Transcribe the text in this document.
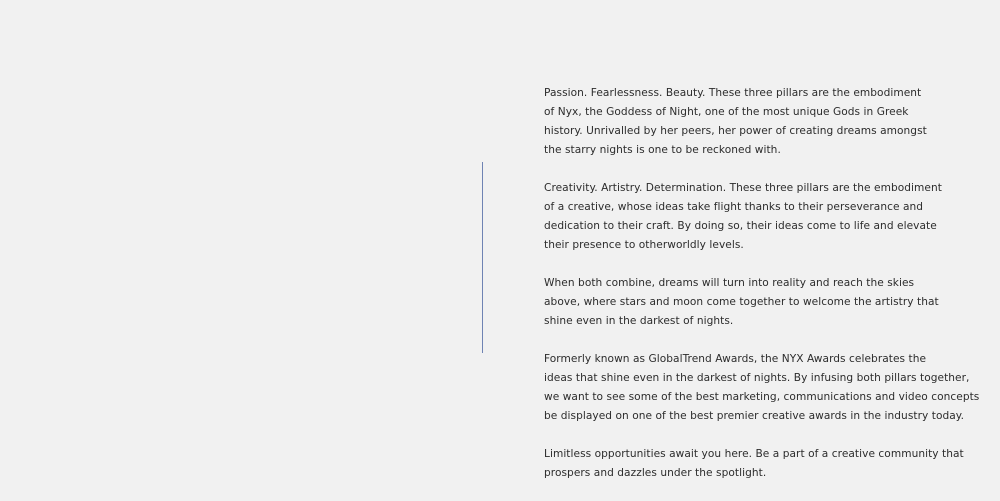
Passion. Fearlessness. Beauty. These three pillars are the embodiment
of Nyx, the Goddess of Night, one of the most unique Gods in Greek
history. Unrivalled by her peers, her power of creating dreams amongst
the starry nights is one to be reckoned with.

Creativity. Artistry. Determination. These three pillars are the embodiment
of a creative, whose ideas take flight thanks to their perseverance and
dedication to their craft. By doing so, their ideas come to life and elevate
their presence to otherworldly levels.

When both combine, dreams will turn into reality and reach the skies
above, where stars and moon come together to welcome the artistry that
shine even in the darkest of nights.

Formerly known as GlobalTrend Awards, the NYX Awards celebrates the
ideas that shine even in the darkest of nights. By infusing both pillars together,
we want to see some of the best marketing, communications and video concepts
be displayed on one of the best premier creative awards in the industry today.

Limitless opportunities await you here. Be a part of a creative community that
prospers and dazzles under the spotlight.
